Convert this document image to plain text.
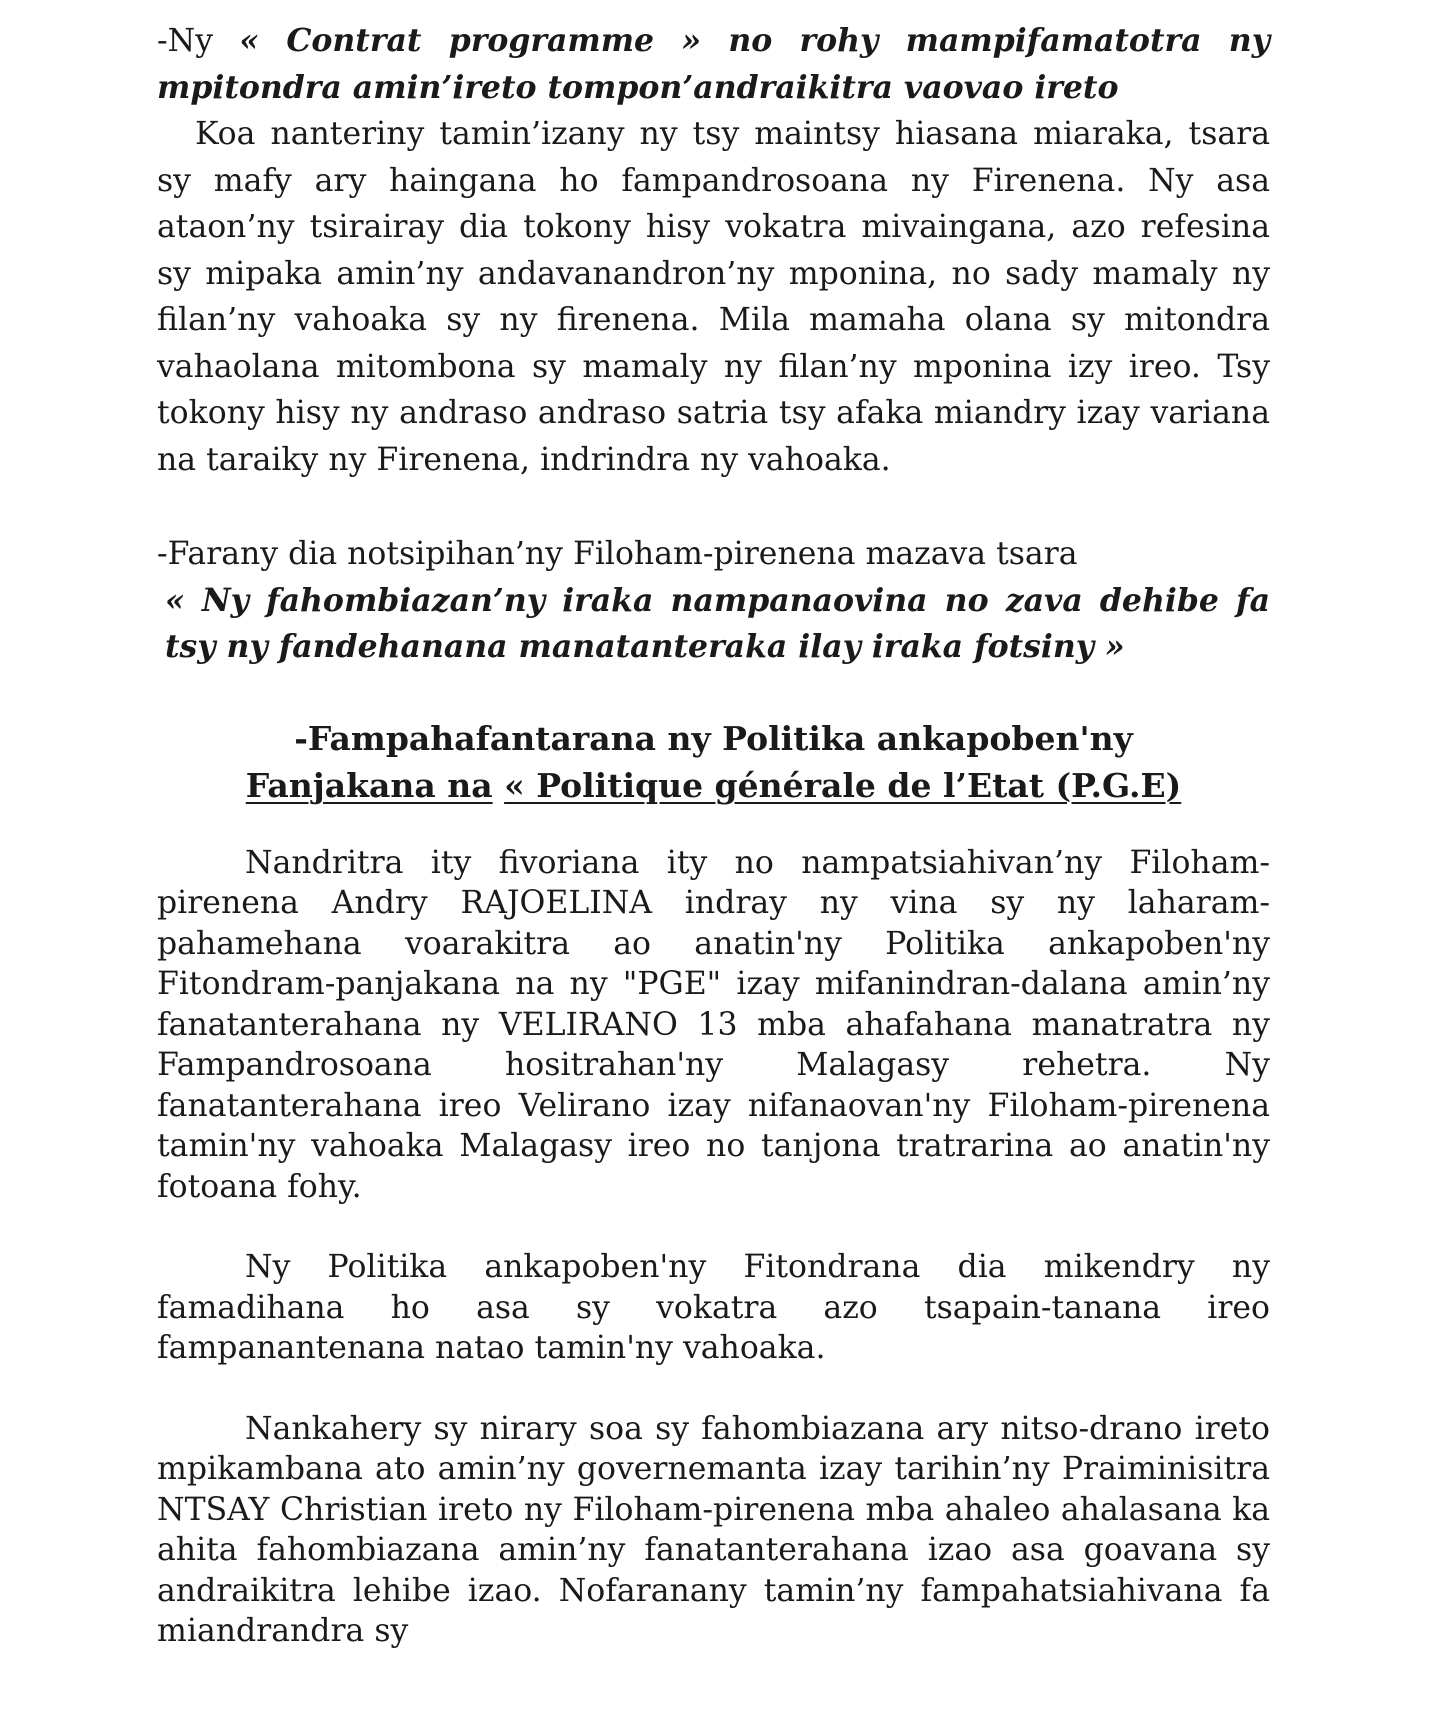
-Ny « Contrat programme » no rohy mampifamatotra ny mpitondra amin’ireto tompon’andraikitra vaovao ireto

Koa nanteriny tamin’izany ny tsy maintsy hiasana miaraka, tsara sy mafy ary haingana ho fampandrosoana ny Firenena. Ny asa ataon’ny tsirairay dia tokony hisy vokatra mivaingana, azo refesina sy mipaka amin’ny andavanandron’ny mponina, no sady mamaly ny filan’ny vahoaka sy ny firenena. Mila mamaha olana sy mitondra vahaolana mitombona sy mamaly ny filan’ny mponina izy ireo. Tsy tokony hisy ny andraso andraso satria tsy afaka miandry izay variana na taraiky ny Firenena, indrindra ny vahoaka.

-Farany dia notsipihan’ny Filoham-pirenena mazava tsara

« Ny fahombiazan’ny iraka nampanaovina no zava dehibe fa tsy ny fandehanana manatanteraka ilay iraka fotsiny »

-Fampahafantarana ny Politika ankapoben'ny

Fanjakana na « Politique générale de l’Etat (P.G.E)

Nandritra ity fivoriana ity no nampatsiahivan’ny Filoham-pirenena Andry RAJOELINA indray ny vina sy ny laharam-pahamehana voarakitra ao anatin'ny Politika ankapoben'ny Fitondram-panjakana na ny "PGE" izay mifanindran-dalana amin’ny fanatanterahana ny VELIRANO 13 mba ahafahana manatratra ny Fampandrosoana hositrahan'ny Malagasy rehetra. Ny fanatanterahana ireo Velirano izay nifanaovan'ny Filoham-pirenena tamin'ny vahoaka Malagasy ireo no tanjona tratrarina ao anatin'ny fotoana fohy.

Ny Politika ankapoben'ny Fitondrana dia mikendry ny famadihana ho asa sy vokatra azo tsapain-tanana ireo fampanantenana natao tamin'ny vahoaka.

Nankahery sy nirary soa sy fahombiazana ary nitso-drano ireto mpikambana ato amin’ny governemanta izay tarihin’ny Praiminisitra NTSAY Christian ireto ny Filoham-pirenena mba ahaleo ahalasana ka ahita fahombiazana amin’ny fanatanterahana izao asa goavana sy andraikitra lehibe izao. Nofaranany tamin’ny fampahatsiahivana fa miandrandra sy
